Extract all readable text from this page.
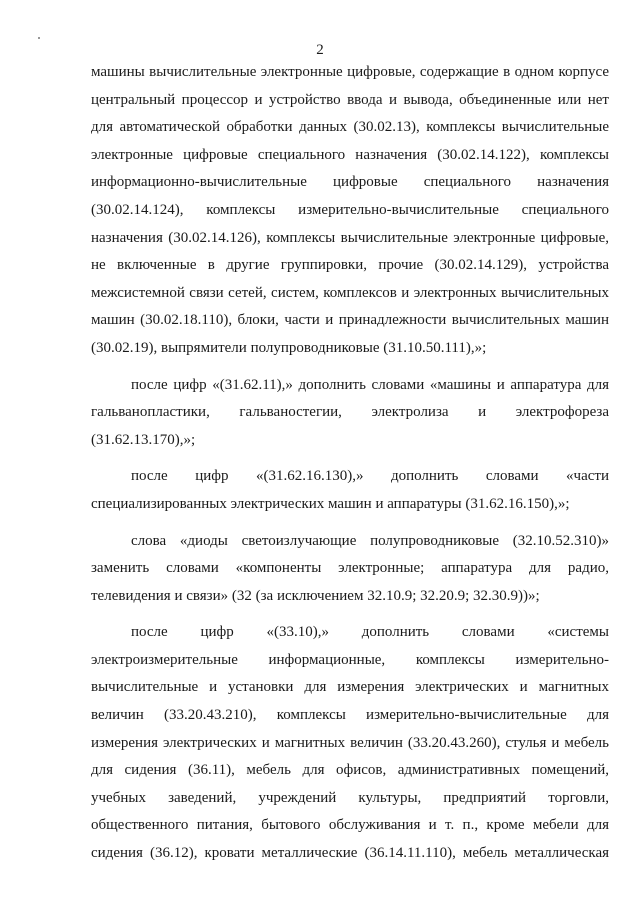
2

машины вычислительные электронные цифровые, содержащие в одном корпусе центральный процессор и устройство ввода и вывода, объединенные или нет для автоматической обработки данных (30.02.13), комплексы вычислительные электронные цифровые специального назначения (30.02.14.122), комплексы информационно-вычислительные цифровые специального назначения (30.02.14.124), комплексы измерительно-вычислительные специального назначения (30.02.14.126), комплексы вычислительные электронные цифровые, не включенные в другие группировки, прочие (30.02.14.129), устройства межсистемной связи сетей, систем, комплексов и электронных вычислительных машин (30.02.18.110), блоки, части и принадлежности вычислительных машин (30.02.19), выпрямители полупроводниковые (31.10.50.111),»;

после цифр «(31.62.11),» дополнить словами «машины и аппаратура для гальванопластики, гальваностегии, электролиза и электрофореза (31.62.13.170),»;

после цифр «(31.62.16.130),» дополнить словами «части специализированных электрических машин и аппаратуры (31.62.16.150),»;

слова «диоды светоизлучающие полупроводниковые (32.10.52.310)» заменить словами «компоненты электронные; аппаратура для радио, телевидения и связи» (32 (за исключением 32.10.9; 32.20.9; 32.30.9))»;

после цифр «(33.10),» дополнить словами «системы электроизмерительные информационные, комплексы измерительно-вычислительные и установки для измерения электрических и магнитных величин (33.20.43.210), комплексы измерительно-вычислительные для измерения электрических и магнитных величин (33.20.43.260), стулья и мебель для сидения (36.11), мебель для офисов, административных помещений, учебных заведений, учреждений культуры, предприятий торговли, общественного питания, бытового обслуживания и т. п., кроме мебели для сидения (36.12), кровати металлические (36.14.11.110), мебель металлическая
